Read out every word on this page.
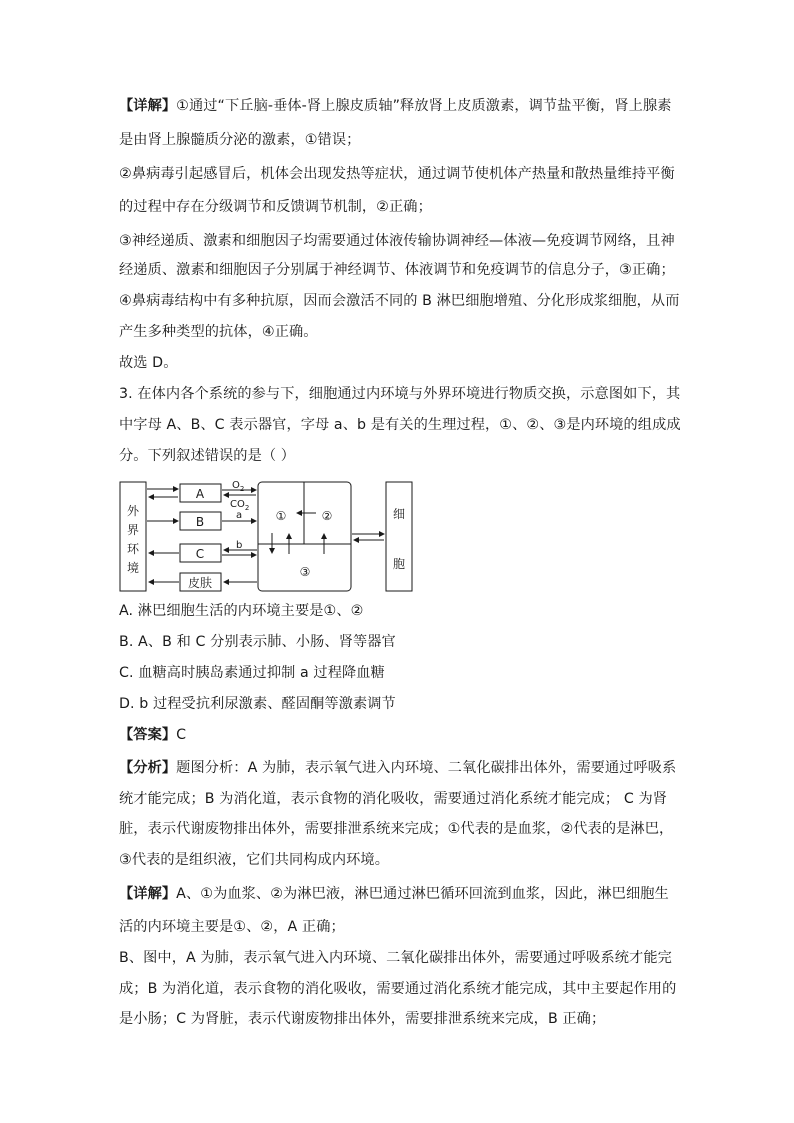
【详解】①通过“下丘脑-垂体-肾上腺皮质轴”释放肾上皮质激素，调节盐平衡，肾上腺素
是由肾上腺髓质分泌的激素，①错误；
②鼻病毒引起感冒后，机体会出现发热等症状，通过调节使机体产热量和散热量维持平衡
的过程中存在分级调节和反馈调节机制，②正确；
③神经递质、激素和细胞因子均需要通过体液传输协调神经—体液—免疫调节网络，且神
经递质、激素和细胞因子分别属于神经调节、体液调节和免疫调节的信息分子，③正确；
④鼻病毒结构中有多种抗原，因而会激活不同的 B 淋巴细胞增殖、分化形成浆细胞，从而
产生多种类型的抗体，④正确。
故选 D。
3. 在体内各个系统的参与下，细胞通过内环境与外界环境进行物质交换，示意图如下，其
中字母 A、B、C 表示器官，字母 a、b 是有关的生理过程，①、②、③是内环境的组成成
分。下列叙述错误的是（ ）
外
界
环
境
A
B
C
皮肤
$O_2$
$CO_2$
a
b
①	②
③
细
胞
A. 淋巴细胞生活的内环境主要是①、②
B. A、B 和 C 分别表示肺、小肠、肾等器官
C. 血糖高时胰岛素通过抑制 a 过程降血糖
D. b 过程受抗利尿激素、醛固酮等激素调节
【答案】C
【分析】题图分析：A 为肺，表示氧气进入内环境、二氧化碳排出体外，需要通过呼吸系
统才能完成；B 为消化道，表示食物的消化吸收，需要通过消化系统才能完成； C 为肾
脏，表示代谢废物排出体外，需要排泄系统来完成；①代表的是血浆，②代表的是淋巴，
③代表的是组织液，它们共同构成内环境。
【详解】A、①为血浆、②为淋巴液，淋巴通过淋巴循环回流到血浆，因此，淋巴细胞生
活的内环境主要是①、②，A 正确；
B、图中，A 为肺，表示氧气进入内环境、二氧化碳排出体外，需要通过呼吸系统才能完
成；B 为消化道，表示食物的消化吸收，需要通过消化系统才能完成，其中主要起作用的
是小肠；C 为肾脏，表示代谢废物排出体外，需要排泄系统来完成，B 正确；
